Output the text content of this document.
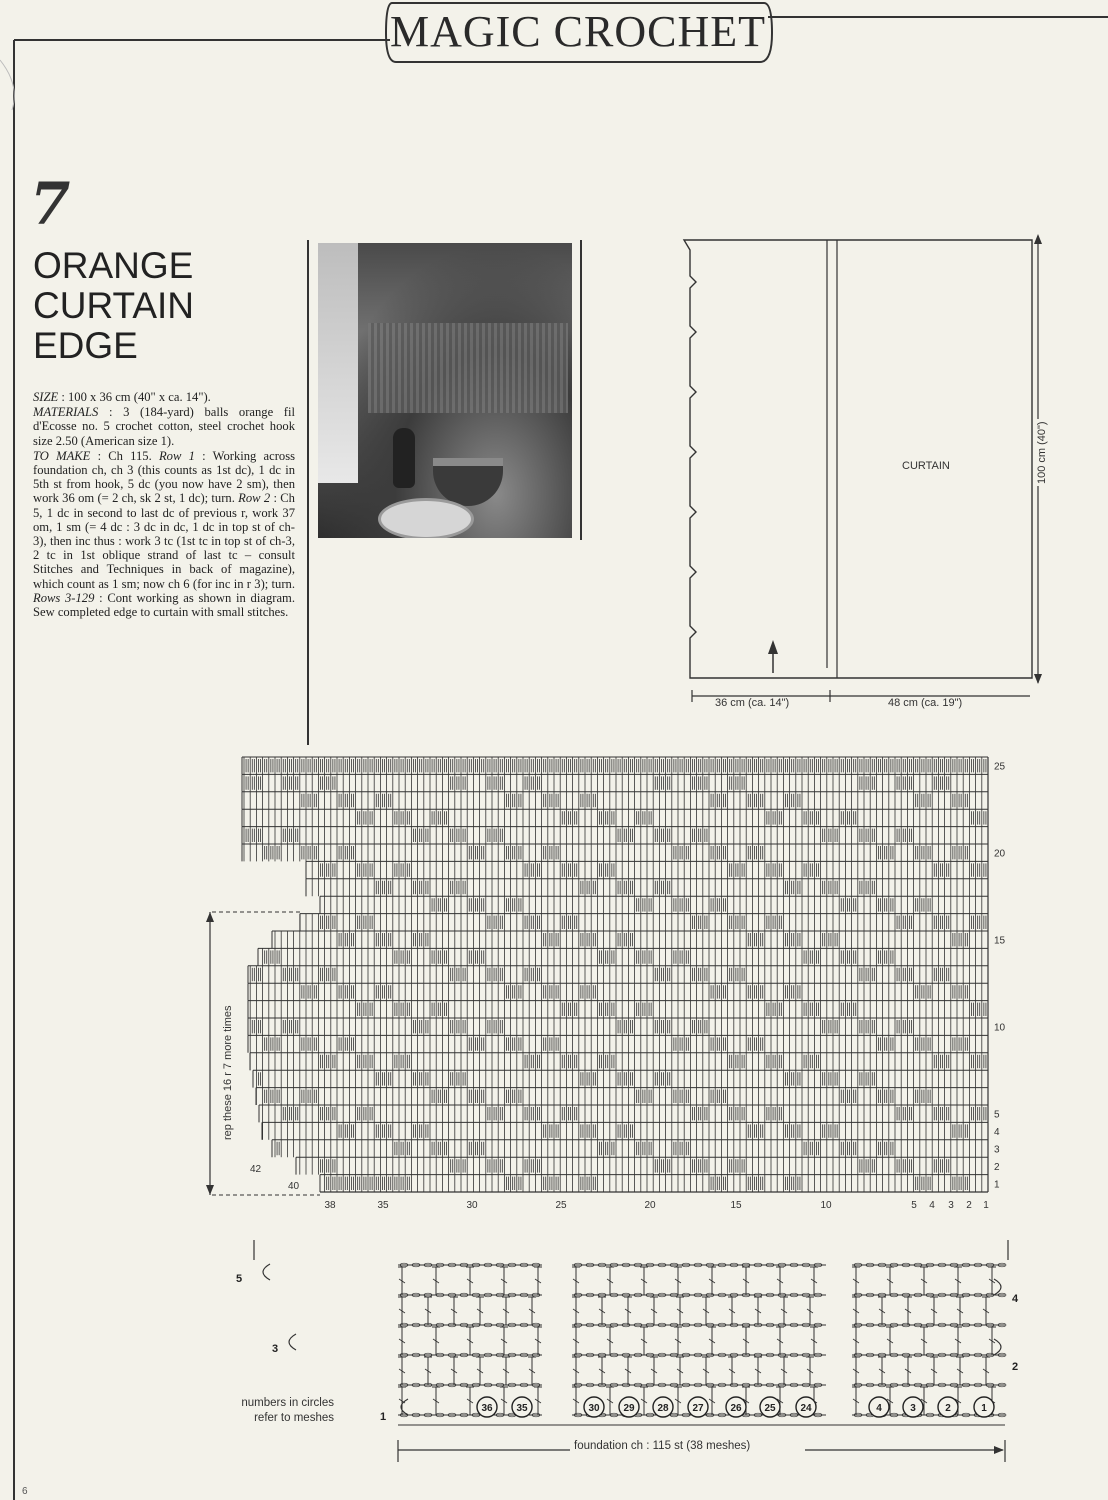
MAGIC CROCHET
7
ORANGE
CURTAIN
EDGE

SIZE : 100 x 36 cm (40" x ca. 14").

MATERIALS : 3 (184-yard) balls orange fil d'Ecosse no. 5 crochet cotton, steel crochet hook size 2.50 (American size 1).

TO MAKE : Ch 115. Row 1 : Working across foundation ch, ch 3 (this counts as 1st dc), 1 dc in 5th st from hook, 5 dc (you now have 2 sm), then work 36 om (= 2 ch, sk 2 st, 1 dc); turn. Row 2 : Ch 5, 1 dc in second to last dc of previous r, work 37 om, 1 sm (= 4 dc : 3 dc in dc, 1 dc in top st of ch-3), then inc thus : work 3 tc (1st tc in top st of ch-3, 2 tc in 1st oblique strand of last tc – consult Stitches and Techniques in back of magazine), which count as 1 sm; now ch 6 (for inc in r 3); turn. Rows 3-129 : Cont working as shown in diagram. Sew completed edge to curtain with small stitches.

CURTAIN	100 cm (40")
36 cm (ca. 14")	48 cm (ca. 19")
25
20
15
10
5
4
3
2
1
38	35	30	25	20	15	10	5 4 3 2 1
42
40
rep these 16 r 7 more times
5
3
1
4
2
36 35	30 29 28 27	26 25 24	4	3	2	1
numbers in circles
refer to meshes
foundation ch : 115 st (38 meshes)
6
